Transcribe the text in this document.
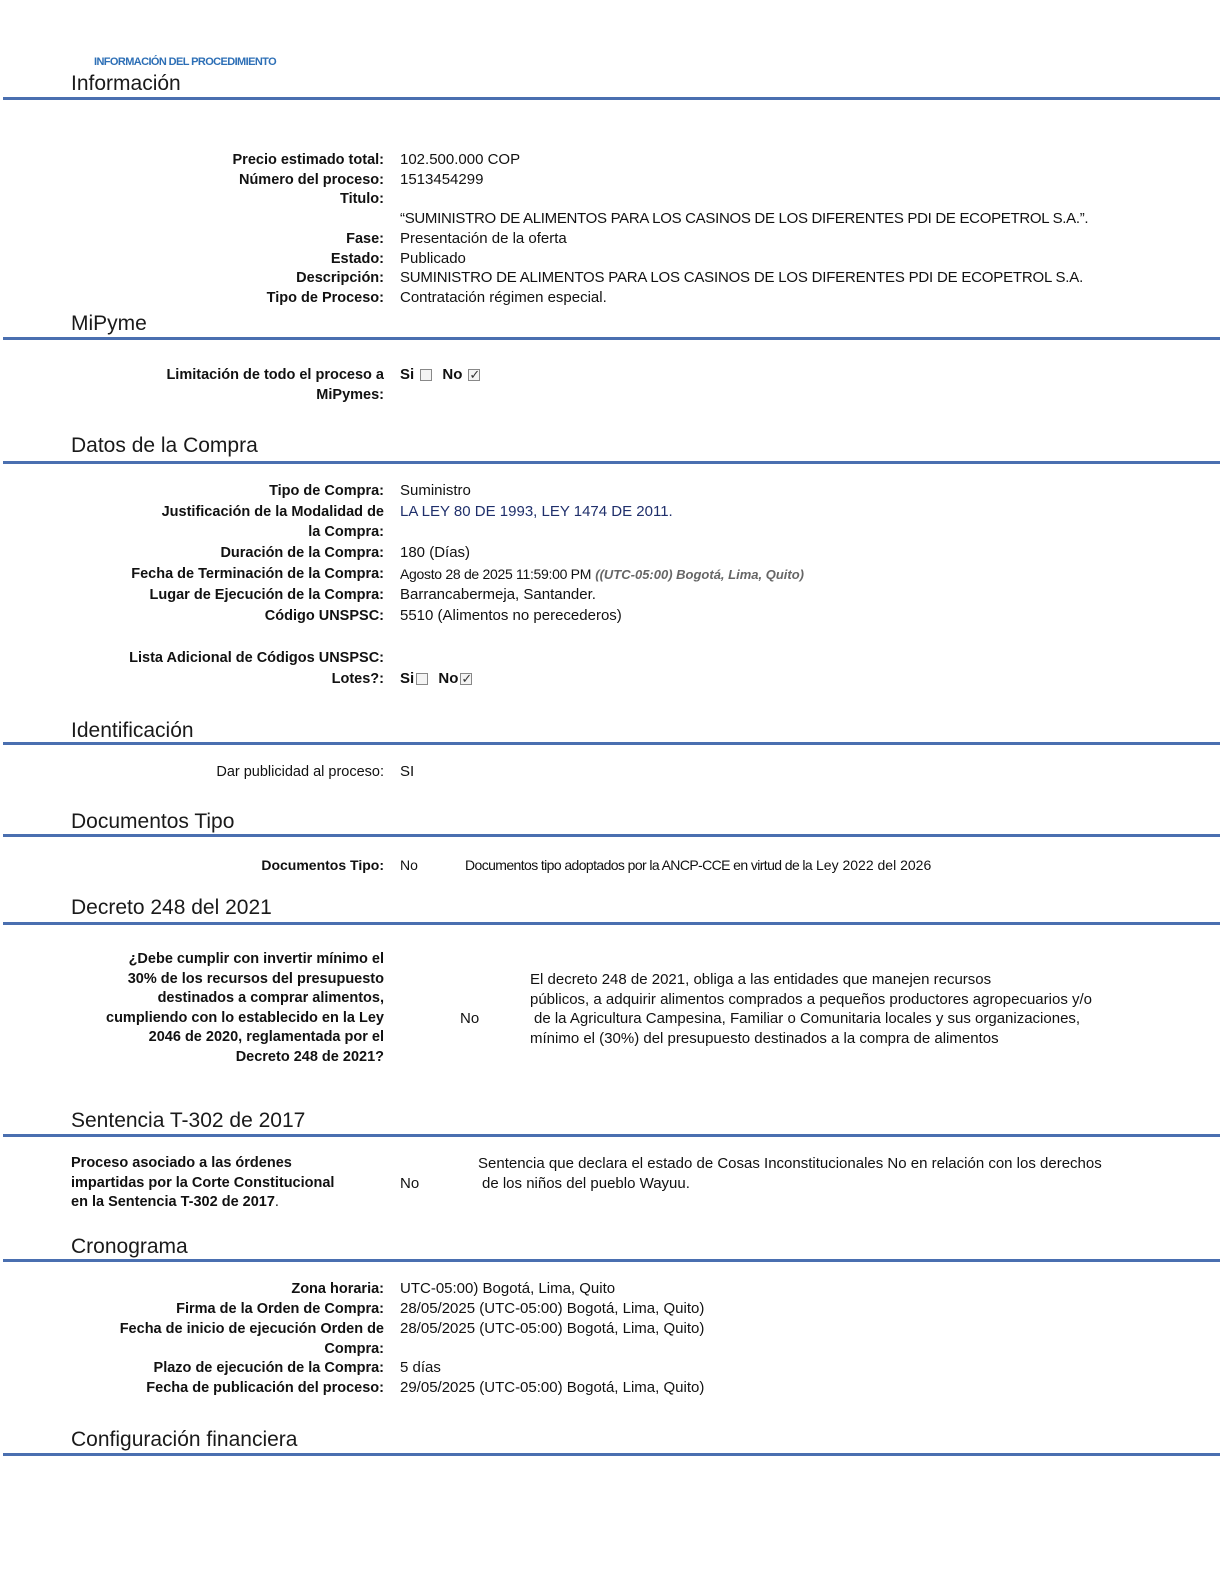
INFORMACIÓN DEL PROCEDIMIENTO
Información
Precio estimado total: 102.500.000 COP
Número del proceso: 1513454299
Titulo:
“SUMINISTRO DE ALIMENTOS PARA LOS CASINOS DE LOS DIFERENTES PDI DE ECOPETROL S.A.”.
Fase: Presentación de la oferta
Estado: Publicado
Descripción: SUMINISTRO DE ALIMENTOS PARA LOS CASINOS DE LOS DIFERENTES PDI DE ECOPETROL S.A.
Tipo de Proceso: Contratación régimen especial.
MiPyme
Limitación de todo el proceso a
MiPymes:
Si No✓
Datos de la Compra
Tipo de Compra: Suministro
Justificación de la Modalidad de
la Compra:
LA LEY 80 DE 1993, LEY 1474 DE 2011.
Duración de la Compra: 180 (Días)
Fecha de Terminación de la Compra: Agosto 28 de 2025 11:59:00 PM ((UTC-05:00) Bogotá, Lima, Quito)
Lugar de Ejecución de la Compra: Barrancabermeja, Santander.
Código UNSPSC: 5510 (Alimentos no perecederos)
Lista Adicional de Códigos UNSPSC:
Lotes?: Si No✓
Identificación
Dar publicidad al proceso: SI
Documentos Tipo
Documentos Tipo: No	Documentos tipo adoptados por la ANCP-CCE en virtud de la Ley 2022 del 2026
Decreto 248 del 2021
¿Debe cumplir con invertir mínimo el
30% de los recursos del presupuesto
destinados a comprar alimentos,
cumpliendo con lo establecido en la Ley
2046 de 2020, reglamentada por el
Decreto 248 de 2021?
No
El decreto 248 de 2021, obliga a las entidades que manejen recursos
públicos, a adquirir alimentos comprados a pequeños productores agropecuarios y/o
de la Agricultura Campesina, Familiar o Comunitaria locales y sus organizaciones,
mínimo el (30%) del presupuesto destinados a la compra de alimentos
Sentencia T-302 de 2017
Proceso asociado a las órdenes
impartidas por la Corte Constitucional
en la Sentencia T-302 de 2017.
No
Sentencia que declara el estado de Cosas Inconstitucionales No en relación con los derechos
de los niños del pueblo Wayuu.
Cronograma
Zona horaria: UTC-05:00) Bogotá, Lima, Quito
Firma de la Orden de Compra: 28/05/2025 (UTC-05:00) Bogotá, Lima, Quito)
Fecha de inicio de ejecución Orden de
Compra:
28/05/2025 (UTC-05:00) Bogotá, Lima, Quito)
Plazo de ejecución de la Compra: 5 días
Fecha de publicación del proceso: 29/05/2025 (UTC-05:00) Bogotá, Lima, Quito)
Configuración financiera
